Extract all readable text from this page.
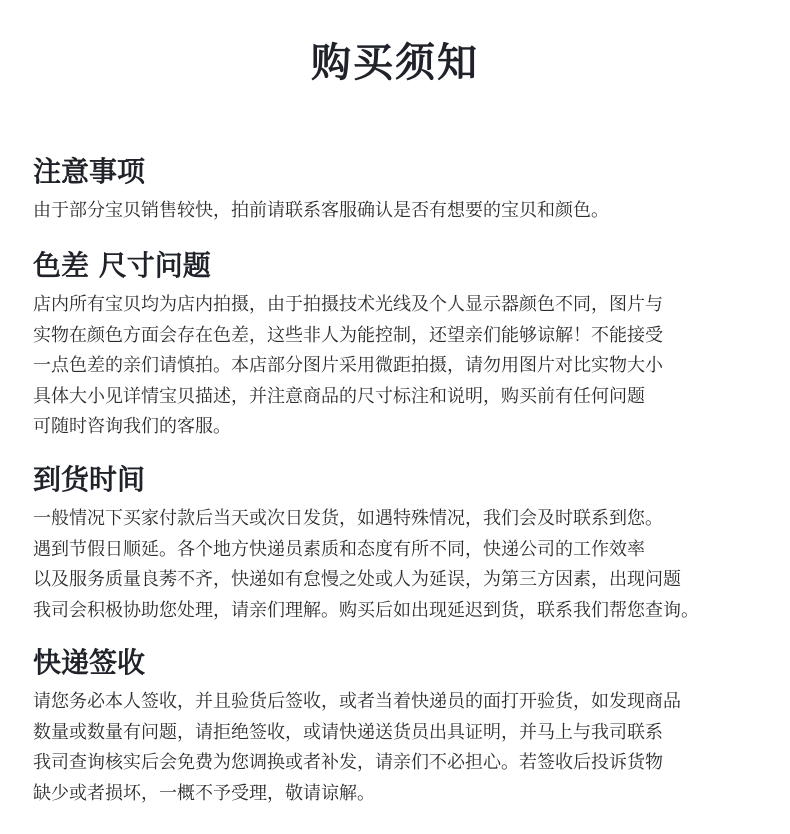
购买须知
注意事项
由于部分宝贝销售较快，拍前请联系客服确认是否有想要的宝贝和颜色。
色差 尺寸问题
店内所有宝贝均为店内拍摄，由于拍摄技术光线及个人显示器颜色不同，图片与
实物在颜色方面会存在色差，这些非人为能控制，还望亲们能够谅解！不能接受
一点色差的亲们请慎拍。本店部分图片采用微距拍摄，请勿用图片对比实物大小
具体大小见详情宝贝描述，并注意商品的尺寸标注和说明，购买前有任何问题
可随时咨询我们的客服。
到货时间
一般情况下买家付款后当天或次日发货，如遇特殊情况，我们会及时联系到您。
遇到节假日顺延。各个地方快递员素质和态度有所不同，快递公司的工作效率
以及服务质量良莠不齐，快递如有怠慢之处或人为延误，为第三方因素，出现问题
我司会积极协助您处理，请亲们理解。购买后如出现延迟到货，联系我们帮您查询。
快递签收
请您务必本人签收，并且验货后签收，或者当着快递员的面打开验货，如发现商品
数量或数量有问题，请拒绝签收，或请快递送货员出具证明，并马上与我司联系
我司查询核实后会免费为您调换或者补发，请亲们不必担心。若签收后投诉货物
缺少或者损坏，一概不予受理，敬请谅解。
